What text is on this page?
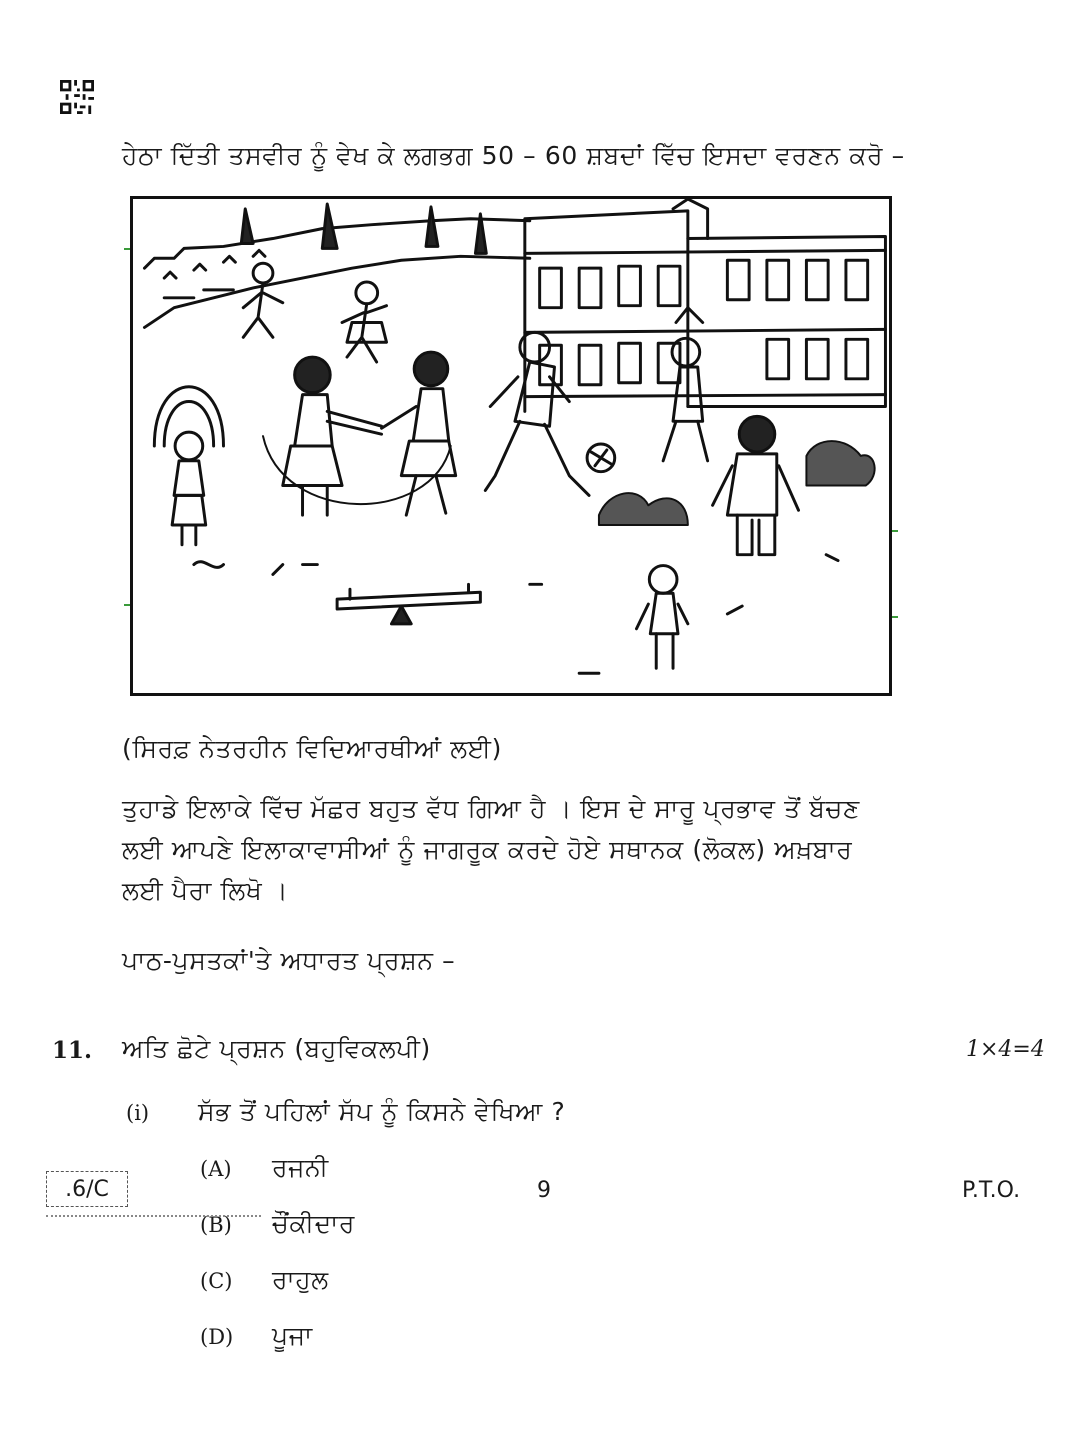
ਹੇਠਾ ਦਿੱਤੀ ਤਸਵੀਰ ਨੂੰ ਵੇਖ ਕੇ ਲਗਭਗ 50 – 60 ਸ਼ਬਦਾਂ ਵਿੱਚ ਇਸਦਾ ਵਰਣਨ ਕਰੋ –
(ਸਿਰਫ਼ ਨੇਤਰਹੀਨ ਵਿਦਿਆਰਥੀਆਂ ਲਈ)
ਤੁਹਾਡੇ ਇਲਾਕੇ ਵਿੱਚ ਮੱਛਰ ਬਹੁਤ ਵੱਧ ਗਿਆ ਹੈ । ਇਸ ਦੇ ਸਾਰੂ ਪ੍ਰਭਾਵ ਤੋਂ ਬੱਚਣ
ਲਈ ਆਪਣੇ ਇਲਾਕਾਵਾਸੀਆਂ ਨੂੰ ਜਾਗਰੂਕ ਕਰਦੇ ਹੋਏ ਸਥਾਨਕ (ਲੋਕਲ) ਅਖ਼ਬਾਰ
ਲਈ ਪੈਰਾ ਲਿਖੋ ।
ਪਾਠ-ਪੁਸਤਕਾਂ'ਤੇ ਅਧਾਰਤ ਪ੍ਰਸ਼ਨ –
11. ਅਤਿ ਛੋਟੇ ਪ੍ਰਸ਼ਨ (ਬਹੁਵਿਕਲਪੀ)	1×4=4
(i) ਸੱਭ ਤੋਂ ਪਹਿਲਾਂ ਸੱਪ ਨੂੰ ਕਿਸਨੇ ਵੇਖਿਆ ?
(A) ਰਜਨੀ
(B) ਚੌਂਕੀਦਾਰ
(C) ਰਾਹੁਲ
(D) ਪੂਜਾ
.6/C	9	P.T.O.
